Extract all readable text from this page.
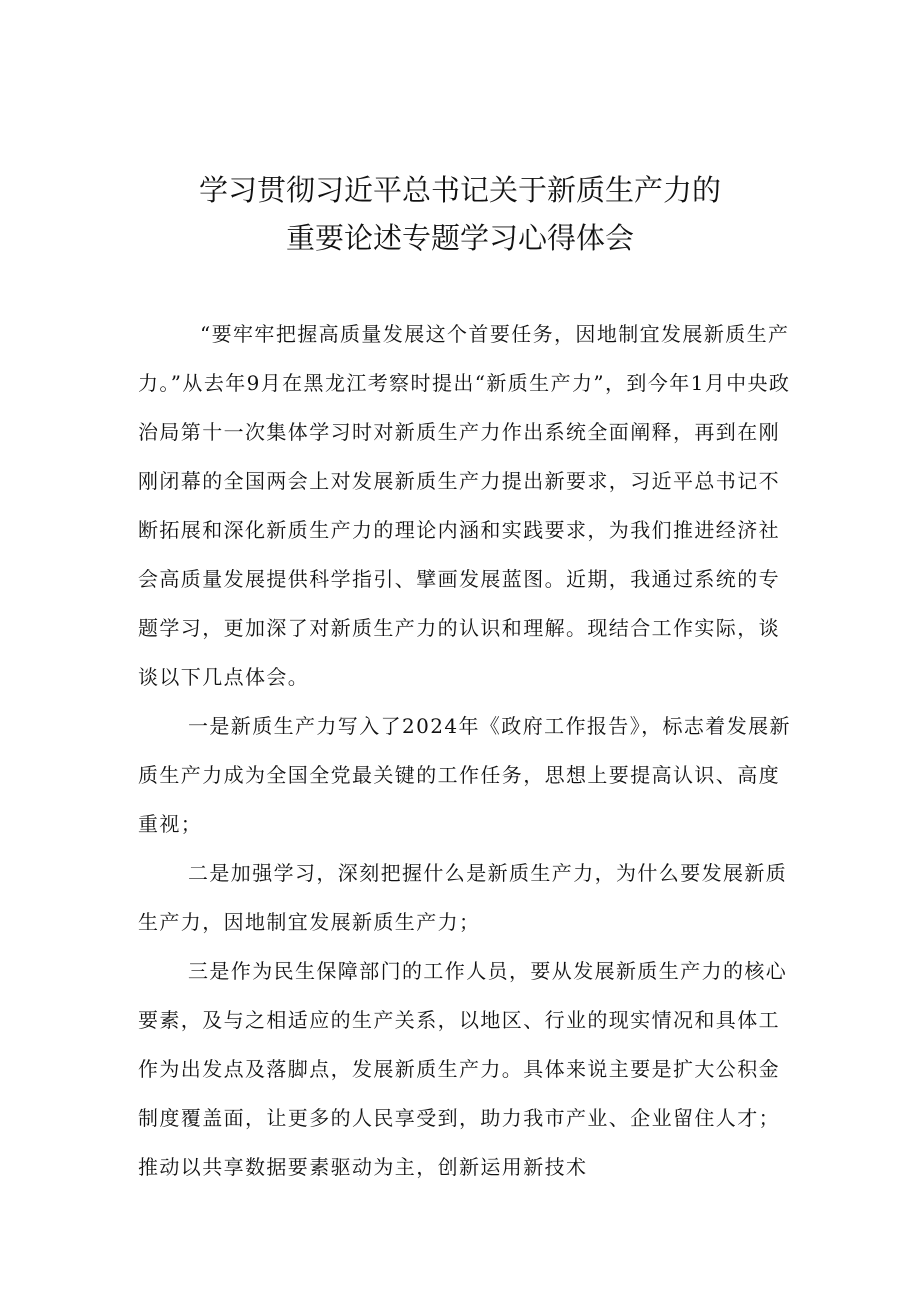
学习贯彻习近平总书记关于新质生产力的
重要论述专题学习心得体会

“要牢牢把握高质量发展这个首要任务，因地制宜发展新质生产力。”从去年9月在黑龙江考察时提出“新质生产力”，到今年1月中央政治局第十一次集体学习时对新质生产力作出系统全面阐释，再到在刚刚闭幕的全国两会上对发展新质生产力提出新要求，习近平总书记不断拓展和深化新质生产力的理论内涵和实践要求，为我们推进经济社会高质量发展提供科学指引、擘画发展蓝图。近期，我通过系统的专题学习，更加深了对新质生产力的认识和理解。现结合工作实际，谈谈以下几点体会。

一是新质生产力写入了2024年《政府工作报告》，标志着发展新质生产力成为全国全党最关键的工作任务，思想上要提高认识、高度重视；

二是加强学习，深刻把握什么是新质生产力，为什么要发展新质生产力，因地制宜发展新质生产力；

三是作为民生保障部门的工作人员，要从发展新质生产力的核心要素，及与之相适应的生产关系，以地区、行业的现实情况和具体工作为出发点及落脚点，发展新质生产力。具体来说主要是扩大公积金制度覆盖面，让更多的人民享受到，助力我市产业、企业留住人才；推动以共享数据要素驱动为主，创新运用新技术
